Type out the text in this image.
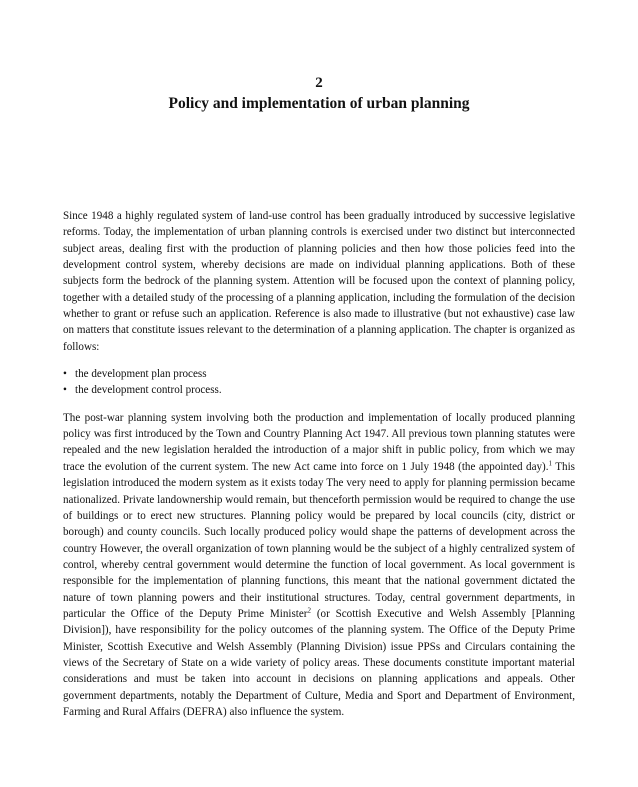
2
Policy and implementation of urban planning

Since 1948 a highly regulated system of land-use control has been gradually introduced by successive legislative reforms. Today, the implementation of urban planning controls is exercised under two distinct but interconnected subject areas, dealing first with the production of planning policies and then how those policies feed into the development control system, whereby decisions are made on individual planning applications. Both of these subjects form the bedrock of the planning system. Attention will be focused upon the context of planning policy, together with a detailed study of the processing of a planning application, including the formulation of the decision whether to grant or refuse such an application. Reference is also made to illustrative (but not exhaustive) case law on matters that constitute issues relevant to the determination of a planning application. The chapter is organized as follows:

• the development plan process
• the development control process.

The post-war planning system involving both the production and implementation of locally produced planning policy was first introduced by the Town and Country Planning Act 1947. All previous town planning statutes were repealed and the new legislation heralded the introduction of a major shift in public policy, from which we may trace the evolution of the current system. The new Act came into force on 1 July 1948 (the appointed day).$^1$ This legislation introduced the modern system as it exists today The very need to apply for planning permission became nationalized. Private landownership would remain, but thenceforth permission would be required to change the use of buildings or to erect new structures. Planning policy would be prepared by local councils (city, district or borough) and county councils. Such locally produced policy would shape the patterns of development across the country However, the overall organization of town planning would be the subject of a highly centralized system of control, whereby central government would determine the function of local government. As local government is responsible for the implementation of planning functions, this meant that the national government dictated the nature of town planning powers and their institutional structures. Today, central government departments, in particular the Office of the Deputy Prime Minister$^2$ (or Scottish Executive and Welsh Assembly [Planning Division]), have responsibility for the policy outcomes of the planning system. The Office of the Deputy Prime Minister, Scottish Executive and Welsh Assembly (Planning Division) issue PPSs and Circulars containing the views of the Secretary of State on a wide variety of policy areas. These documents constitute important material considerations and must be taken into account in decisions on planning applications and appeals. Other government departments, notably the Department of Culture, Media and Sport and Department of Environment, Farming and Rural Affairs (DEFRA) also influence the system.
